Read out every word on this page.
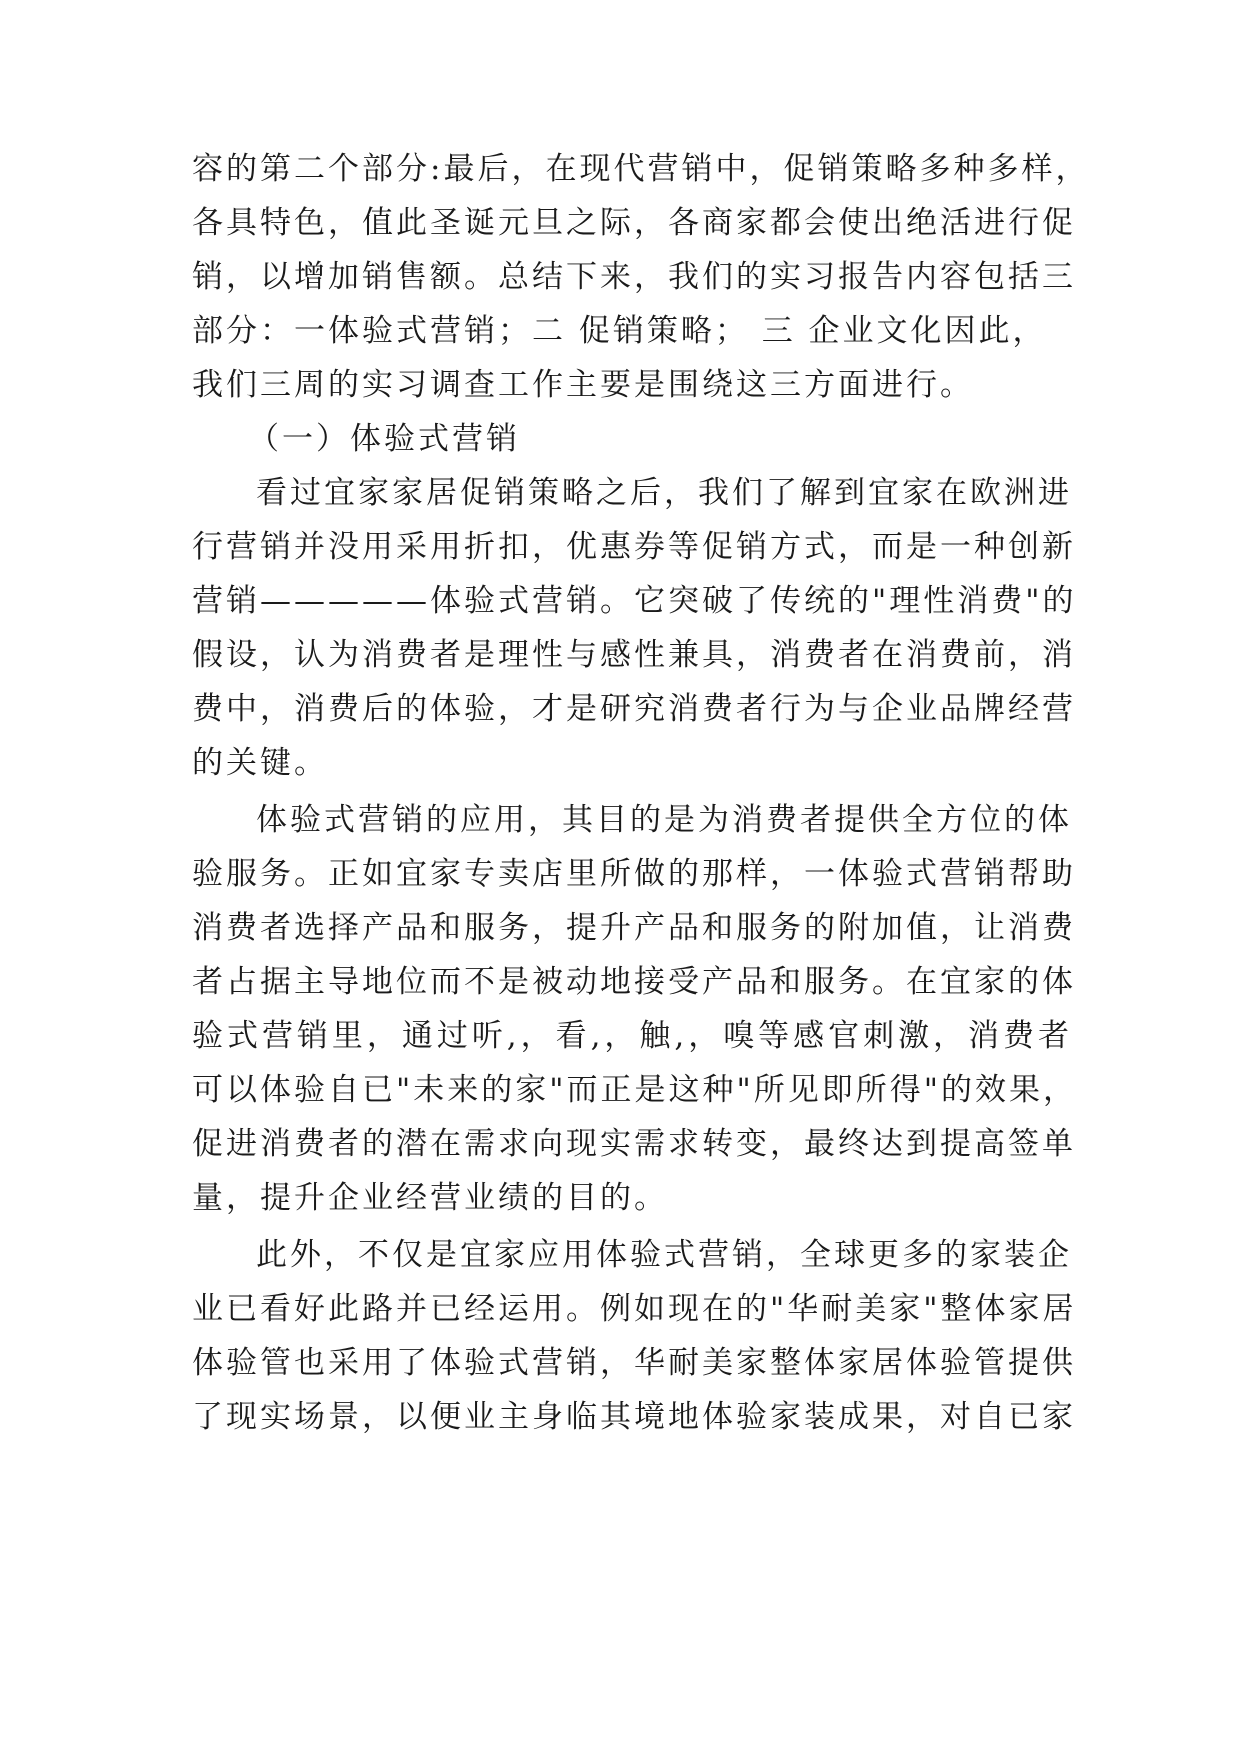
容的第二个部分:最后，在现代营销中，促销策略多种多样，
各具特色，值此圣诞元旦之际，各商家都会使出绝活进行促
销，以增加销售额。总结下来，我们的实习报告内容包括三
部分：一体验式营销；二 促销策略； 三 企业文化因此，
我们三周的实习调查工作主要是围绕这三方面进行。
（一）体验式营销
看过宜家家居促销策略之后，我们了解到宜家在欧洲进
行营销并没用采用折扣，优惠券等促销方式，而是一种创新
营销—————体验式营销。它突破了传统的"理性消费"的
假设，认为消费者是理性与感性兼具，消费者在消费前，消
费中，消费后的体验，才是研究消费者行为与企业品牌经营
的关键。
体验式营销的应用，其目的是为消费者提供全方位的体
验服务。正如宜家专卖店里所做的那样，一体验式营销帮助
消费者选择产品和服务，提升产品和服务的附加值，让消费
者占据主导地位而不是被动地接受产品和服务。在宜家的体
验式营销里，通过听,，看,，触,，嗅等感官刺激，消费者
可以体验自已"未来的家"而正是这种"所见即所得"的效果，
促进消费者的潜在需求向现实需求转变，最终达到提高签单
量，提升企业经营业绩的目的。
此外，不仅是宜家应用体验式营销，全球更多的家装企
业已看好此路并已经运用。例如现在的"华耐美家"整体家居
体验管也采用了体验式营销，华耐美家整体家居体验管提供
了现实场景，以便业主身临其境地体验家装成果，对自已家
